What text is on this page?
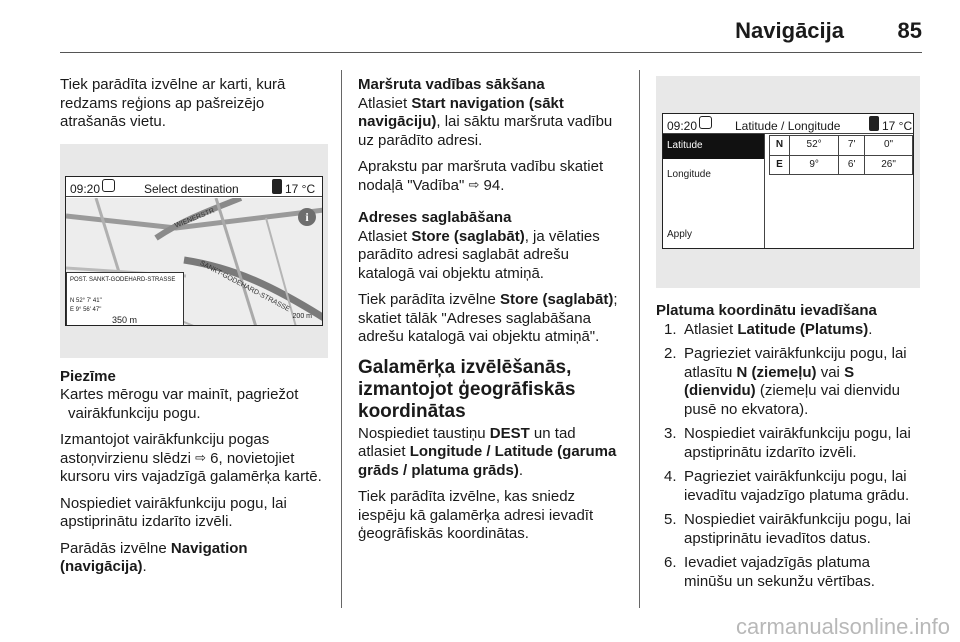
Navigācija 85

Tiek parādīta izvēlne ar karti, kurā redzams reģions ap pašreizējo atrašanās vietu.

09:20	Select destination	17 °C
WIENERSTR
SANKT-GODEHARD-STRASSE
i
POST. SANKT-GODEHARD-STRASSE
N 52° 7' 41"
E 9° 56' 47"
350 m	200 m
Piezīme

Kartes mērogu var mainīt, pagriežot vairākfunkciju pogu.

Izmantojot vairākfunkciju pogas astoņvirzienu slēdzi ⇨ 6, novietojiet kursoru virs vajadzīgā galamērķa kartē.

Nospiediet vairākfunkciju pogu, lai apstiprinātu izdarīto izvēli.

Parādās izvēlne Navigation (navigācija).

Maršruta vadības sākšana

Atlasiet Start navigation (sākt navigāciju), lai sāktu maršruta vadību uz parādīto adresi.

Aprakstu par maršruta vadību skatiet nodaļā "Vadība" ⇨ 94.

Adreses saglabāšana

Atlasiet Store (saglabāt), ja vēlaties parādīto adresi saglabāt adrešu katalogā vai objektu atmiņā.

Tiek parādīta izvēlne Store (saglabāt); skatiet tālāk "Adreses saglabāšana adrešu katalogā vai objektu atmiņā".

Galamērķa izvēlēšanās, izmantojot ģeogrāfiskās koordinātas

Nospiediet taustiņu DEST un tad atlasiet Longitude / Latitude (garuma grāds / platuma grāds).

Tiek parādīta izvēlne, kas sniedz iespēju kā galamērķa adresi ievadīt ģeogrāfiskās koordinātas.

09:20	Latitude / Longitude	17 °C
Latitude
Longitude
Apply
N	52°	7'	0"
E	9°	6'	26"
Platuma koordinātu ievadīšana
1. Atlasiet Latitude (Platums).
2. Pagrieziet vairākfunkciju pogu, lai atlasītu N (ziemeļu) vai S (dienvidu) (ziemeļu vai dienvidu pusē no ekvatora).
3. Nospiediet vairākfunkciju pogu, lai apstiprinātu izdarīto izvēli.
4. Pagrieziet vairākfunkciju pogu, lai ievadītu vajadzīgo platuma grādu.
5. Nospiediet vairākfunkciju pogu, lai apstiprinātu ievadītos datus.
6. Ievadiet vajadzīgās platuma minūšu un sekunžu vērtības.
carmanualsonline.info
